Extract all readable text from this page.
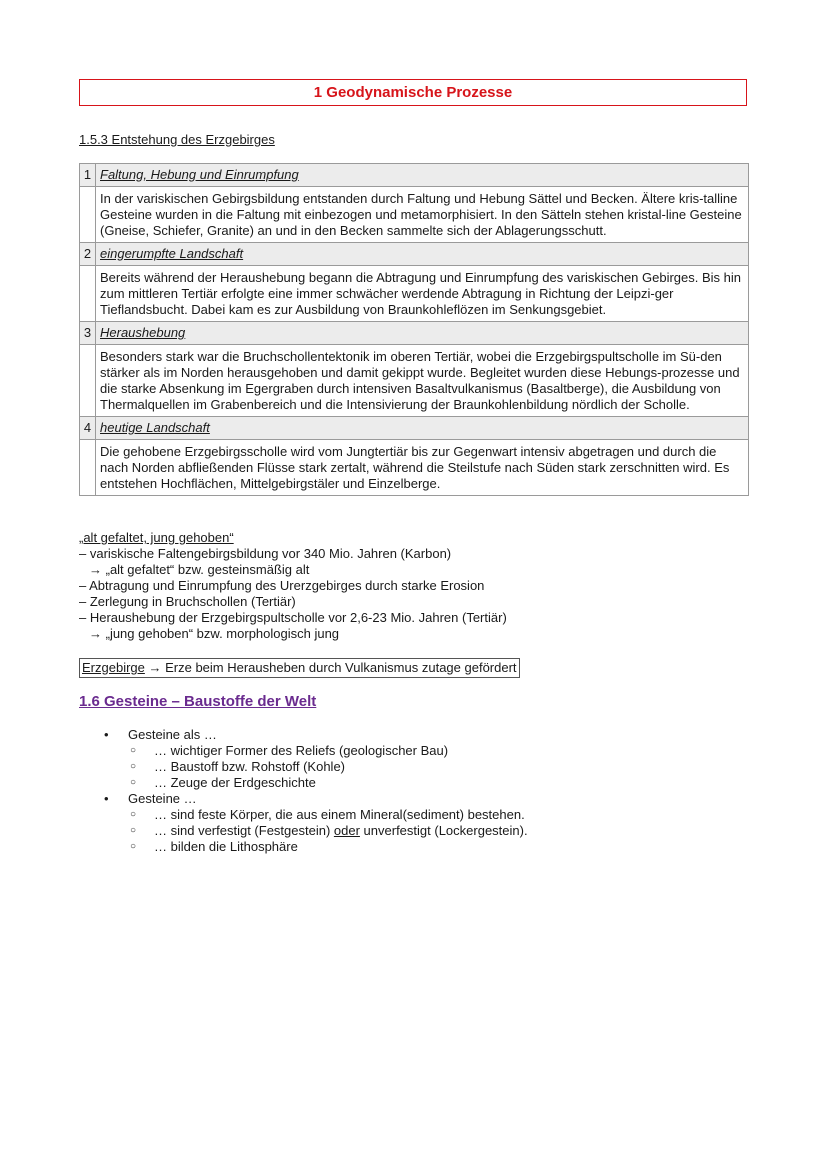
1 Geodynamische Prozesse
1.5.3 Entstehung des Erzgebirges
1	Faltung, Hebung und Einrumpfung
	In der variskischen Gebirgsbildung entstanden durch Faltung und Hebung Sättel und Becken. Ältere kris-talline Gesteine wurden in die Faltung mit einbezogen und metamorphisiert. In den Sätteln stehen kristal-line Gesteine (Gneise, Schiefer, Granite) an und in den Becken sammelte sich der Ablagerungsschutt.
2	eingerumpfte Landschaft
	Bereits während der Heraushebung begann die Abtragung und Einrumpfung des variskischen Gebirges. Bis hin zum mittleren Tertiär erfolgte eine immer schwächer werdende Abtragung in Richtung der Leipzi-ger Tieflandsbucht. Dabei kam es zur Ausbildung von Braunkohleflözen im Senkungsgebiet.
3	Heraushebung
	Besonders stark war die Bruchschollentektonik im oberen Tertiär, wobei die Erzgebirgspultscholle im Sü-den stärker als im Norden herausgehoben und damit gekippt wurde. Begleitet wurden diese Hebungs-prozesse und die starke Absenkung im Egergraben durch intensiven Basaltvulkanismus (Basaltberge), die Ausbildung von Thermalquellen im Grabenbereich und die Intensivierung der Braunkohlenbildung nördlich der Scholle.
4	heutige Landschaft
	Die gehobene Erzgebirgsscholle wird vom Jungtertiär bis zur Gegenwart intensiv abgetragen und durch die nach Norden abfließenden Flüsse stark zertalt, während die Steilstufe nach Süden stark zerschnitten wird. Es entstehen Hochflächen, Mittelgebirgstäler und Einzelberge.
„alt gefaltet, jung gehoben“
– variskische Faltengebirgsbildung vor 340 Mio. Jahren (Karbon)
→ „alt gefaltet“ bzw. gesteinsmäßig alt
– Abtragung und Einrumpfung des Urerzgebirges durch starke Erosion
– Zerlegung in Bruchschollen (Tertiär)
– Heraushebung der Erzgebirgspultscholle vor 2,6-23 Mio. Jahren (Tertiär)
→ „jung gehoben“ bzw. morphologisch jung
Erzgebirge → Erze beim Herausheben durch Vulkanismus zutage gefördert
1.6 Gesteine – Baustoffe der Welt
• Gesteine als …
○ … wichtiger Former des Reliefs (geologischer Bau)
○ … Baustoff bzw. Rohstoff (Kohle)
○ … Zeuge der Erdgeschichte
• Gesteine …
○ … sind feste Körper, die aus einem Mineral(sediment) bestehen.
○ … sind verfestigt (Festgestein) oder unverfestigt (Lockergestein).
○ … bilden die Lithosphäre
